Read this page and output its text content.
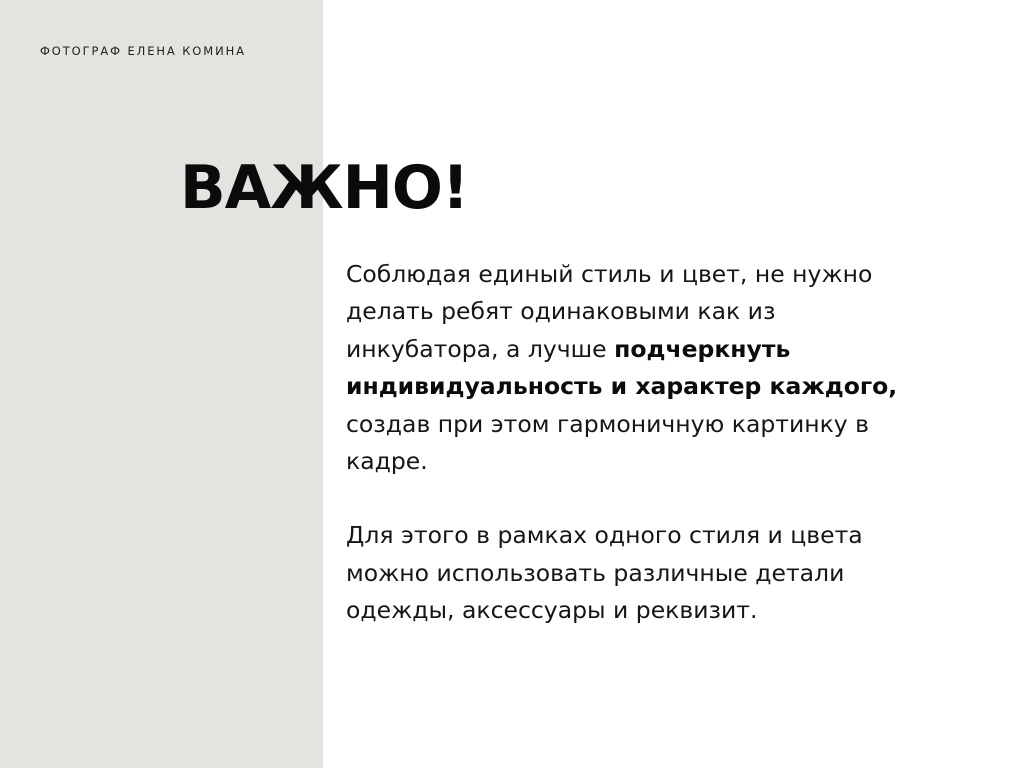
ФОТОГРАФ ЕЛЕНА КОМИНА
ВАЖНО!

Соблюдая единый стиль и цвет, не нужно
делать ребят одинаковыми как из
инкубатора, а лучше подчеркнуть
индивидуальность и характер каждого,
создав при этом гармоничную картинку в
кадре.

Для этого в рамках одного стиля и цвета
можно использовать различные детали
одежды, аксессуары и реквизит.
